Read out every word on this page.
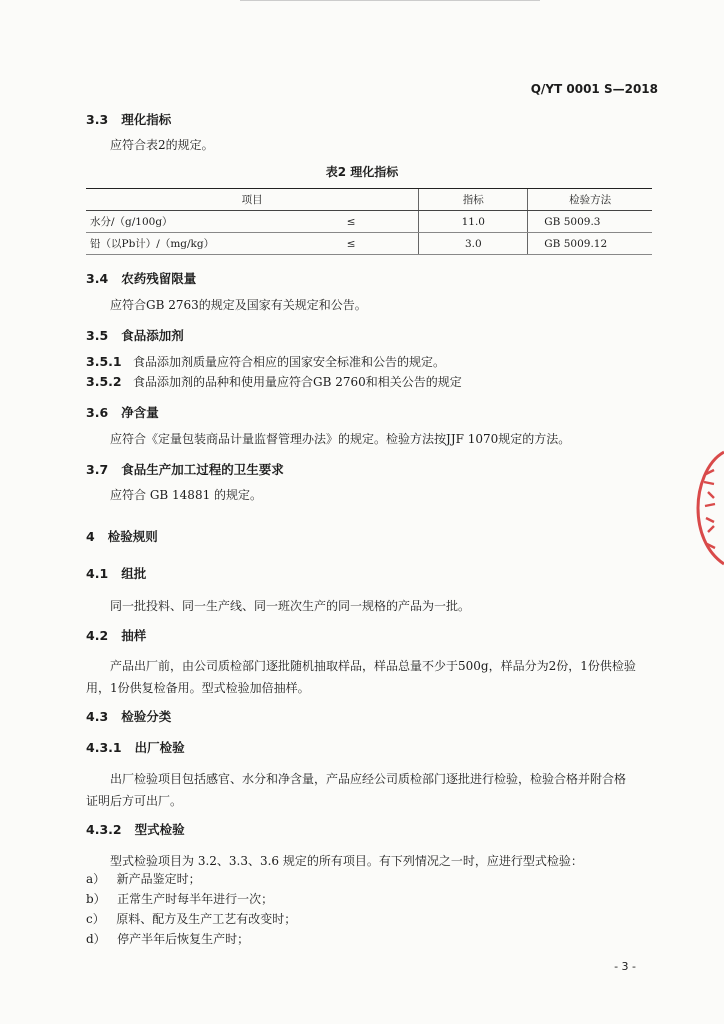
Q/YT 0001 S—2018
3.3 理化指标
应符合表2的规定。
表2 理化指标
项目		指标	检验方法
水分/（g/100g）	≤	11.0	GB 5009.3
铅（以Pb计）/（mg/kg）	≤	3.0	GB 5009.12
3.4 农药残留限量
应符合GB 2763的规定及国家有关规定和公告。
3.5 食品添加剂
3.5.1 食品添加剂质量应符合相应的国家安全标准和公告的规定。
3.5.2 食品添加剂的品种和使用量应符合GB 2760和相关公告的规定
3.6 净含量
应符合《定量包装商品计量监督管理办法》的规定。检验方法按JJF 1070规定的方法。
3.7 食品生产加工过程的卫生要求
应符合 GB 14881 的规定。
4 检验规则
4.1 组批
同一批投料、同一生产线、同一班次生产的同一规格的产品为一批。
4.2 抽样
产品出厂前，由公司质检部门逐批随机抽取样品，样品总量不少于500g，样品分为2份，1份供检验
用，1份供复检备用。型式检验加倍抽样。
4.3 检验分类
4.3.1 出厂检验
出厂检验项目包括感官、水分和净含量，产品应经公司质检部门逐批进行检验，检验合格并附合格
证明后方可出厂。
4.3.2 型式检验
型式检验项目为 3.2、3.3、3.6 规定的所有项目。有下列情况之一时，应进行型式检验：
a） 新产品鉴定时；
b） 正常生产时每半年进行一次；
c） 原料、配方及生产工艺有改变时；
d） 停产半年后恢复生产时；
- 3 -
